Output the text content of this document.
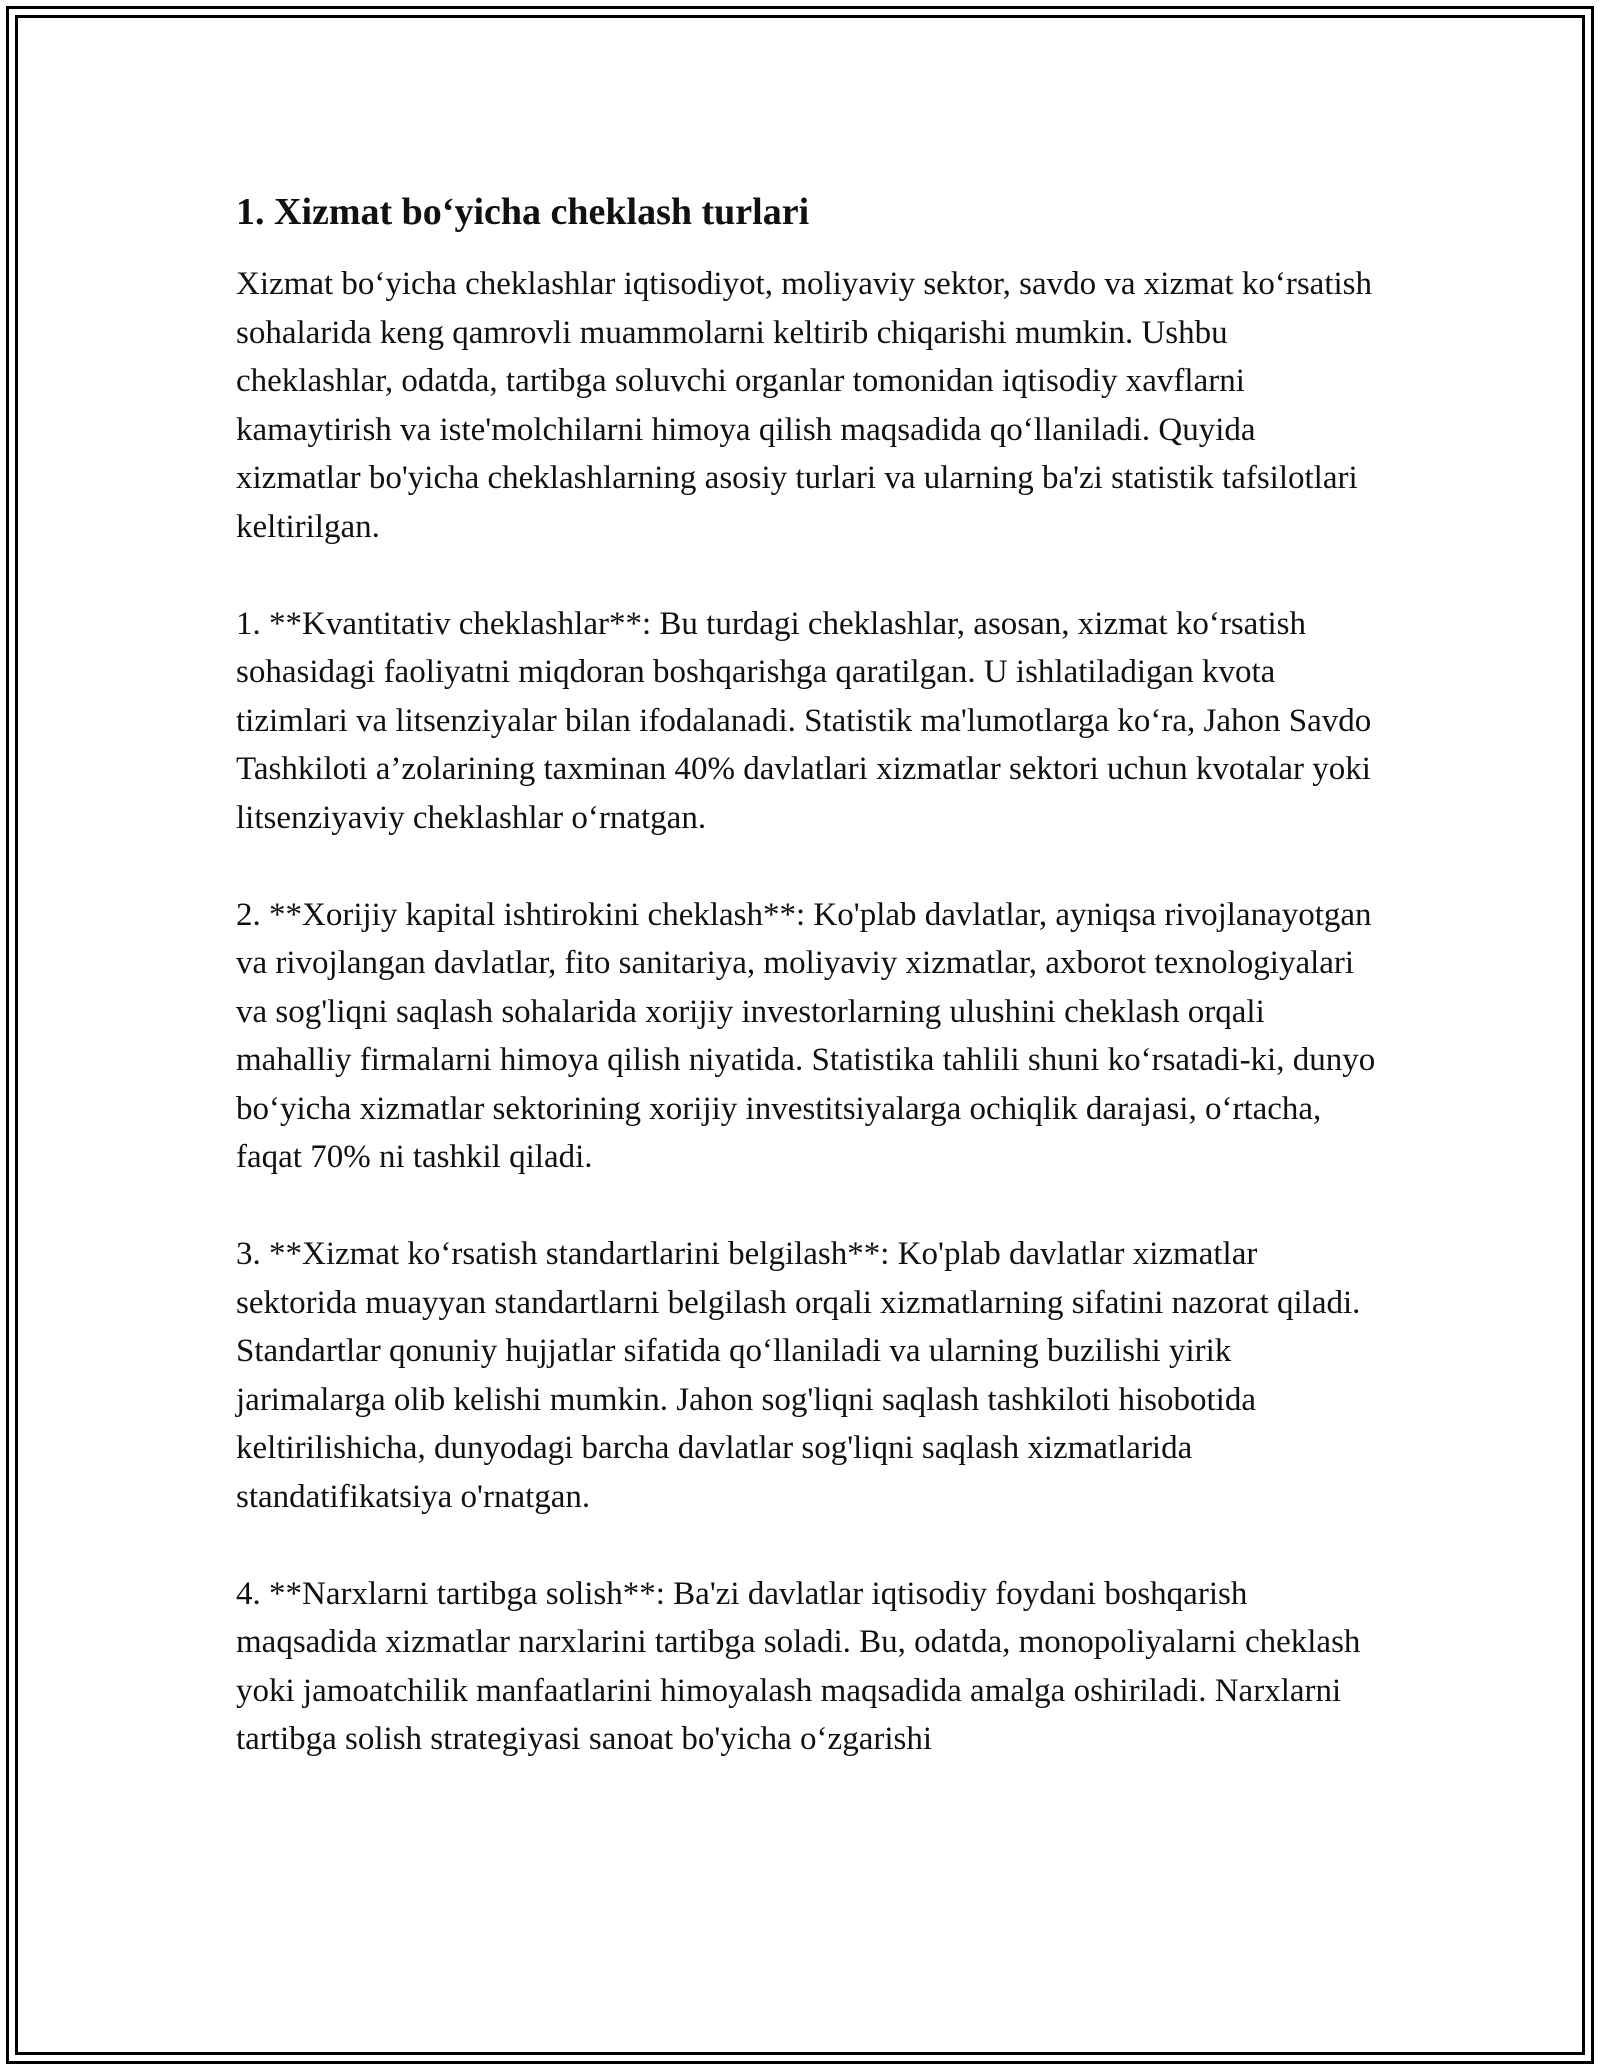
1. Xizmat bo‘yicha cheklash turlari

Xizmat bo‘yicha cheklashlar iqtisodiyot, moliyaviy sektor, savdo va xizmat ko‘rsatish sohalarida keng qamrovli muammolarni keltirib chiqarishi mumkin. Ushbu cheklashlar, odatda, tartibga soluvchi organlar tomonidan iqtisodiy xavflarni kamaytirish va iste'molchilarni himoya qilish maqsadida qo‘llaniladi. Quyida xizmatlar bo'yicha cheklashlarning asosiy turlari va ularning ba'zi statistik tafsilotlari keltirilgan.

1. **Kvantitativ cheklashlar**: Bu turdagi cheklashlar, asosan, xizmat ko‘rsatish sohasidagi faoliyatni miqdoran boshqarishga qaratilgan. U ishlatiladigan kvota tizimlari va litsenziyalar bilan ifodalanadi. Statistik ma'lumotlarga ko‘ra, Jahon Savdo Tashkiloti a’zolarining taxminan 40% davlatlari xizmatlar sektori uchun kvotalar yoki litsenziyaviy cheklashlar o‘rnatgan.

2. **Xorijiy kapital ishtirokini cheklash**: Ko'plab davlatlar, ayniqsa rivojlanayotgan va rivojlangan davlatlar, fito sanitariya, moliyaviy xizmatlar, axborot texnologiyalari va sog'liqni saqlash sohalarida xorijiy investorlarning ulushini cheklash orqali mahalliy firmalarni himoya qilish niyatida. Statistika tahlili shuni ko‘rsatadi-ki, dunyo bo‘yicha xizmatlar sektorining xorijiy investitsiyalarga ochiqlik darajasi, o‘rtacha, faqat 70% ni tashkil qiladi.

3. **Xizmat ko‘rsatish standartlarini belgilash**: Ko'plab davlatlar xizmatlar sektorida muayyan standartlarni belgilash orqali xizmatlarning sifatini nazorat qiladi. Standartlar qonuniy hujjatlar sifatida qo‘llaniladi va ularning buzilishi yirik jarimalarga olib kelishi mumkin. Jahon sog'liqni saqlash tashkiloti hisobotida keltirilishicha, dunyodagi barcha davlatlar sog'liqni saqlash xizmatlarida standatifikatsiya o'rnatgan.

4. **Narxlarni tartibga solish**: Ba'zi davlatlar iqtisodiy foydani boshqarish maqsadida xizmatlar narxlarini tartibga soladi. Bu, odatda, monopoliyalarni cheklash yoki jamoatchilik manfaatlarini himoyalash maqsadida amalga oshiriladi. Narxlarni tartibga solish strategiyasi sanoat bo'yicha o‘zgarishi
